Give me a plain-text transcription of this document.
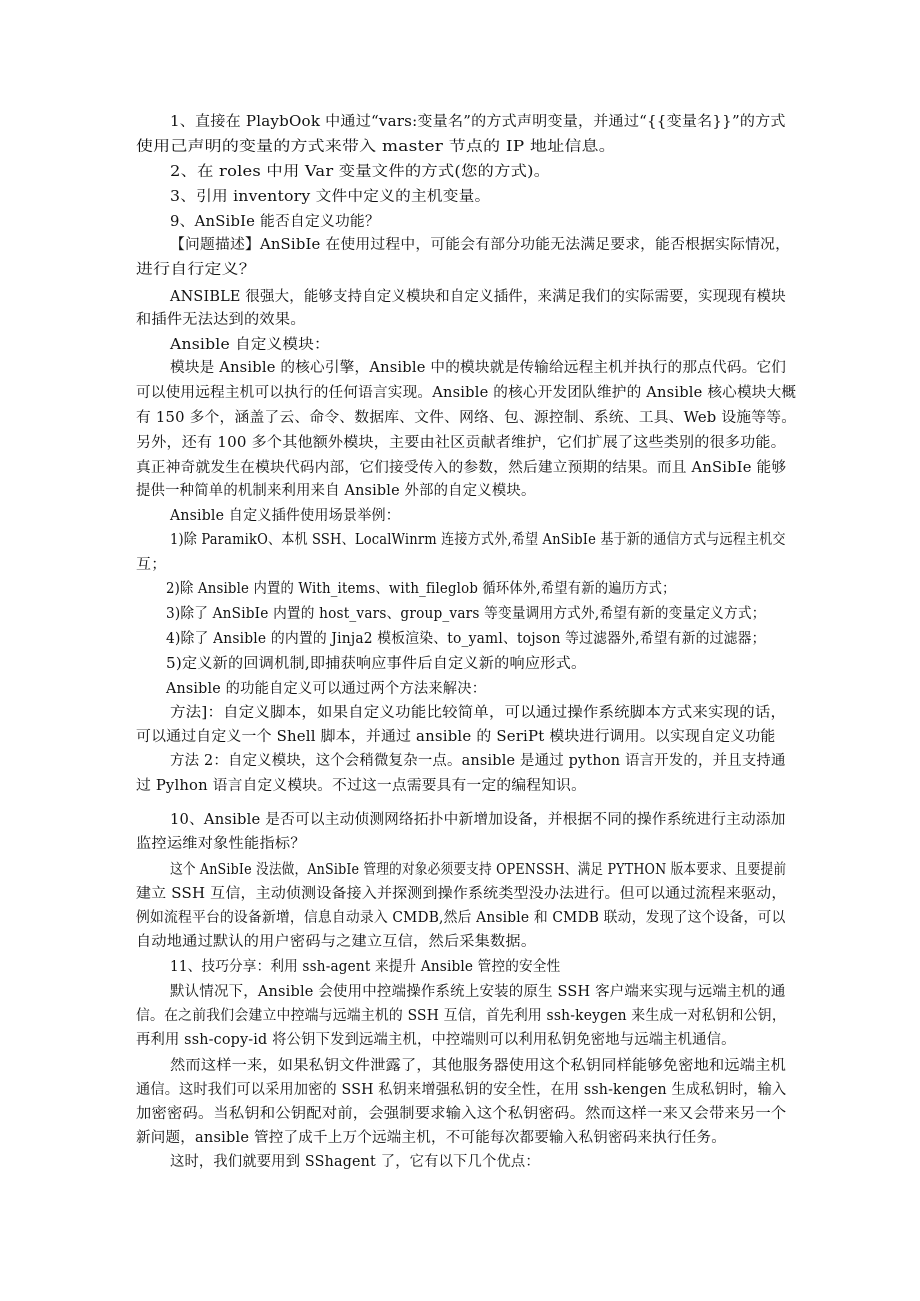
1、直接在 PlaybOok 中通过“vars:变量名”的方式声明变量，并通过“{{变量名}}”的方式
使用己声明的变量的方式来带入 master 节点的 IP 地址信息。
2、在 roles 中用 Var 变量文件的方式(您的方式)。
3、引用 inventory 文件中定义的主机变量。
9、AnSibIe 能否自定义功能？
【问题描述】AnSibIe 在使用过程中，可能会有部分功能无法满足要求，能否根据实际情况，
进行自行定义？
ANSIBLE 很强大，能够支持自定义模块和自定义插件，来满足我们的实际需要，实现现有模块
和插件无法达到的效果。
Ansible 自定义模块：
模块是 Ansible 的核心引擎，Ansible 中的模块就是传输给远程主机并执行的那点代码。它们
可以使用远程主机可以执行的任何语言实现。Ansible 的核心开发团队维护的 Ansible 核心模块大概
有 150 多个，涵盖了云、命令、数据库、文件、网络、包、源控制、系统、工具、Web 设施等等。
另外，还有 100 多个其他额外模块，主要由社区贡献者维护，它们扩展了这些类别的很多功能。
真正神奇就发生在模块代码内部，它们接受传入的参数，然后建立预期的结果。而且 AnSibIe 能够
提供一种简单的机制来利用来自 Ansible 外部的自定义模块。
Ansible 自定义插件使用场景举例：
1)除 ParamikO、本机 SSH、LocalWinrm 连接方式外,希望 AnSibIe 基于新的通信方式与远程主机交
互；
2)除 Ansible 内置的 With_items、with_fileglob 循环体外,希望有新的遍历方式；
3)除了 AnSibIe 内置的 host_vars、group_vars 等变量调用方式外,希望有新的变量定义方式；
4)除了 Ansible 的内置的 Jinja2 模板渲染、to_yaml、tojson 等过滤器外,希望有新的过滤器；
5)定义新的回调机制,即捕获响应事件后自定义新的响应形式。
Ansible 的功能自定义可以通过两个方法来解决：
方法]：自定义脚本，如果自定义功能比较简单，可以通过操作系统脚本方式来实现的话，
可以通过自定义一个 Shell 脚本，并通过 ansible 的 SeriPt 模块进行调用。以实现自定义功能
方法 2：自定义模块，这个会稍微复杂一点。ansible 是通过 python 语言开发的，并且支持通
过 Pylhon 语言自定义模块。不过这一点需要具有一定的编程知识。
10、Ansible 是否可以主动侦测网络拓扑中新增加设备，并根据不同的操作系统进行主动添加
监控运维对象性能指标？
这个 AnSibIe 没法做，AnSibIe 管理的对象必须要支持 OPENSSH、满足 PYTHON 版本要求、且要提前
建立 SSH 互信，主动侦测设备接入并探测到操作系统类型没办法进行。但可以通过流程来驱动，
例如流程平台的设备新增，信息自动录入 CMDB,然后 Ansible 和 CMDB 联动，发现了这个设备，可以
自动地通过默认的用户密码与之建立互信，然后采集数据。
11、技巧分享：利用 ssh-agent 来提升 Ansible 管控的安全性
默认情况下，Ansible 会使用中控端操作系统上安装的原生 SSH 客户端来实现与远端主机的通
信。在之前我们会建立中控端与远端主机的 SSH 互信，首先利用 ssh-keygen 来生成一对私钥和公钥，
再利用 ssh-copy-id 将公钥下发到远端主机，中控端则可以利用私钥免密地与远端主机通信。
然而这样一来，如果私钥文件泄露了，其他服务器使用这个私钥同样能够免密地和远端主机
通信。这时我们可以采用加密的 SSH 私钥来增强私钥的安全性，在用 ssh-kengen 生成私钥时，输入
加密密码。当私钥和公钥配对前，会强制要求输入这个私钥密码。然而这样一来又会带来另一个
新问题，ansible 管控了成千上万个远端主机，不可能每次都要输入私钥密码来执行任务。
这时，我们就要用到 SShagent 了，它有以下几个优点：
